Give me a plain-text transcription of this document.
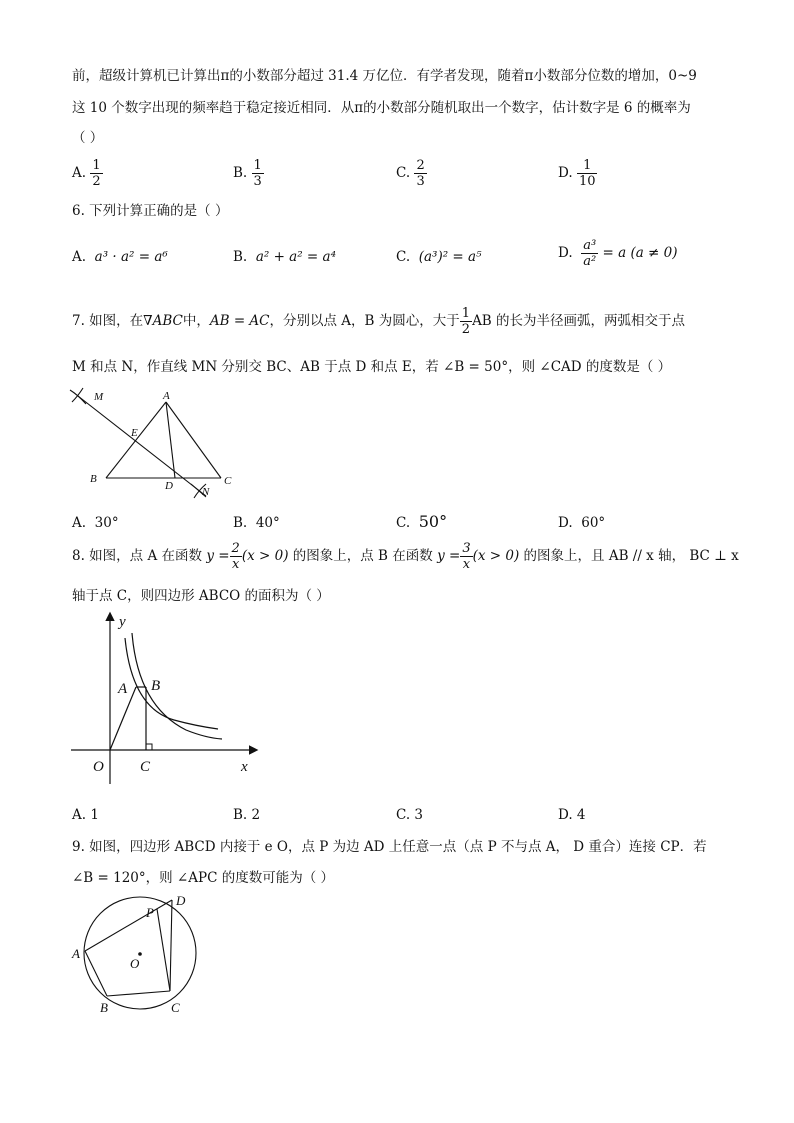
前，超级计算机已计算出π的小数部分超过 31.4 万亿位．有学者发现，随着π小数部分位数的增加，0~9
这 10 个数字出现的频率趋于稳定接近相同．从π的小数部分随机取出一个数字，估计数字是 6 的概率为
（ ）
A. $\frac{1}{2}$	B. $\frac{1}{3}$	C. $\frac{2}{3}$	D. $\frac{1}{10}$
6. 下列计算正确的是（ ）
A. a³ · a² = a⁶	B. a² + a² = a⁴	C. (a³)² = a⁵	D. $\frac{\text{a³}}{\text{a²}} = a$ (a ≠ 0)
7. 如图，在∇ABC中，AB = AC，分别以点 A，B 为圆心，大于 $\frac{1}{2}$ AB 的长为半径画弧，两弧相交于点
M 和点 N，作直线 MN 分别交 BC、AB 于点 D 和点 E，若 ∠B = 50°，则 ∠CAD 的度数是（ ）
M	A
E
B
D	N
C
A. 30°	B. 40°	C. 50°	D. 60°
8. 如图，点 A 在函数 $y = \frac{2}{x} (x > 0)$ 的图象上，点 B 在函数 $y = \frac{3}{x} (x > 0)$ 的图象上，且 AB // x 轴， BC ⊥ x
轴于点 C，则四边形 ABCO 的面积为（ ）
y
A B
O C	x
A. 1	B. 2	C. 3	D. 4
9. 如图，四边形 ABCD 内接于 e O，点 P 为边 AD 上任意一点（点 P 不与点 A， D 重合）连接 CP．若
∠B = 120°，则 ∠APC 的度数可能为（ ）
P
D
A
O
B	C
